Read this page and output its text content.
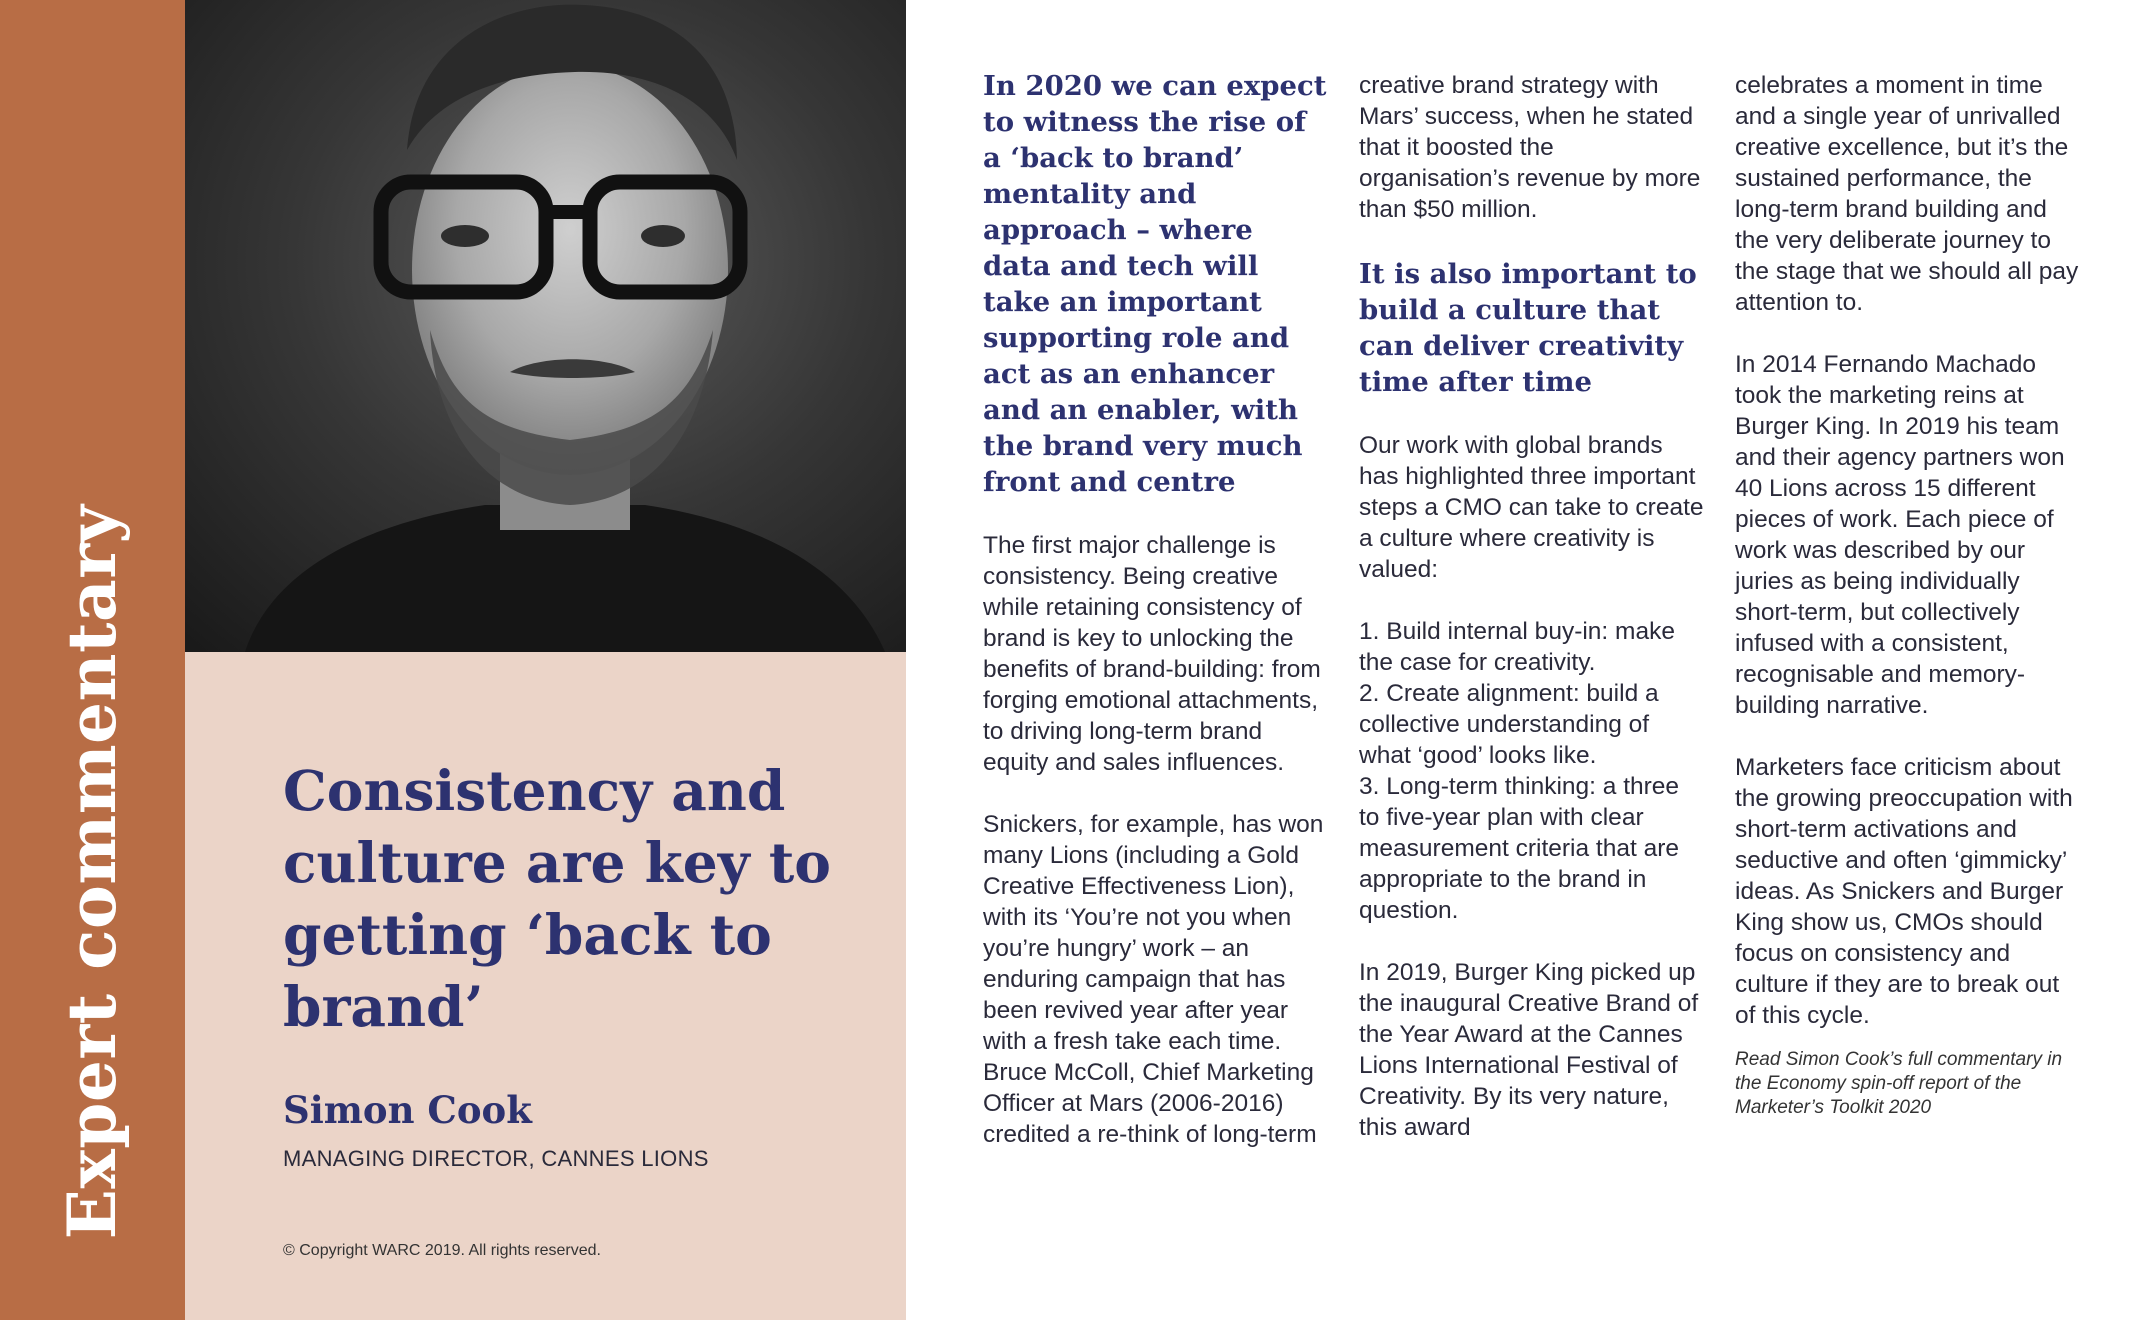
Expert commentary	Consistency and culture are key to getting ‘back to brand’
Simon Cook
MANAGING DIRECTOR, CANNES LIONS
© Copyright WARC 2019. All rights reserved.

In 2020 we can expect to witness the rise of a ‘back to brand’ mentality and approach – where data and tech will take an important supporting role and act as an enhancer and an enabler, with the brand very much front and centre

The first major challenge is consistency. Being creative while retaining consistency of brand is key to unlocking the benefits of brand-building: from forging emotional attachments, to driving long-term brand equity and sales influences.

Snickers, for example, has won many Lions (including a Gold Creative Effectiveness Lion), with its ‘You’re not you when you’re hungry’ work – an enduring campaign that has been revived year after year with a fresh take each time. Bruce McColl, Chief Marketing Officer at Mars (2006-2016) credited a re-think of long-term

creative brand strategy with Mars’ success, when he stated that it boosted the organisation’s revenue by more than $50 million.

It is also important to build a culture that can deliver creativity time after time

Our work with global brands has highlighted three important steps a CMO can take to create a culture where creativity is valued:

1. Build internal buy-in: make the case for creativity.
2. Create alignment: build a collective understanding of what ‘good’ looks like.
3. Long-term thinking: a three to five-year plan with clear measurement criteria that are appropriate to the brand in question.

In 2019, Burger King picked up the inaugural Creative Brand of the Year Award at the Cannes Lions International Festival of Creativity. By its very nature, this award

celebrates a moment in time and a single year of unrivalled creative excellence, but it’s the sustained performance, the long-term brand building and the very deliberate journey to the stage that we should all pay attention to.

In 2014 Fernando Machado took the marketing reins at Burger King. In 2019 his team and their agency partners won 40 Lions across 15 different pieces of work. Each piece of work was described by our juries as being individually short-term, but collectively infused with a consistent, recognisable and memory-building narrative.

Marketers face criticism about the growing preoccupation with short-term activations and seductive and often ‘gimmicky’ ideas. As Snickers and Burger King show us, CMOs should focus on consistency and culture if they are to break out of this cycle.

Read Simon Cook’s full commentary in the Economy spin-off report of the Marketer’s Toolkit 2020
